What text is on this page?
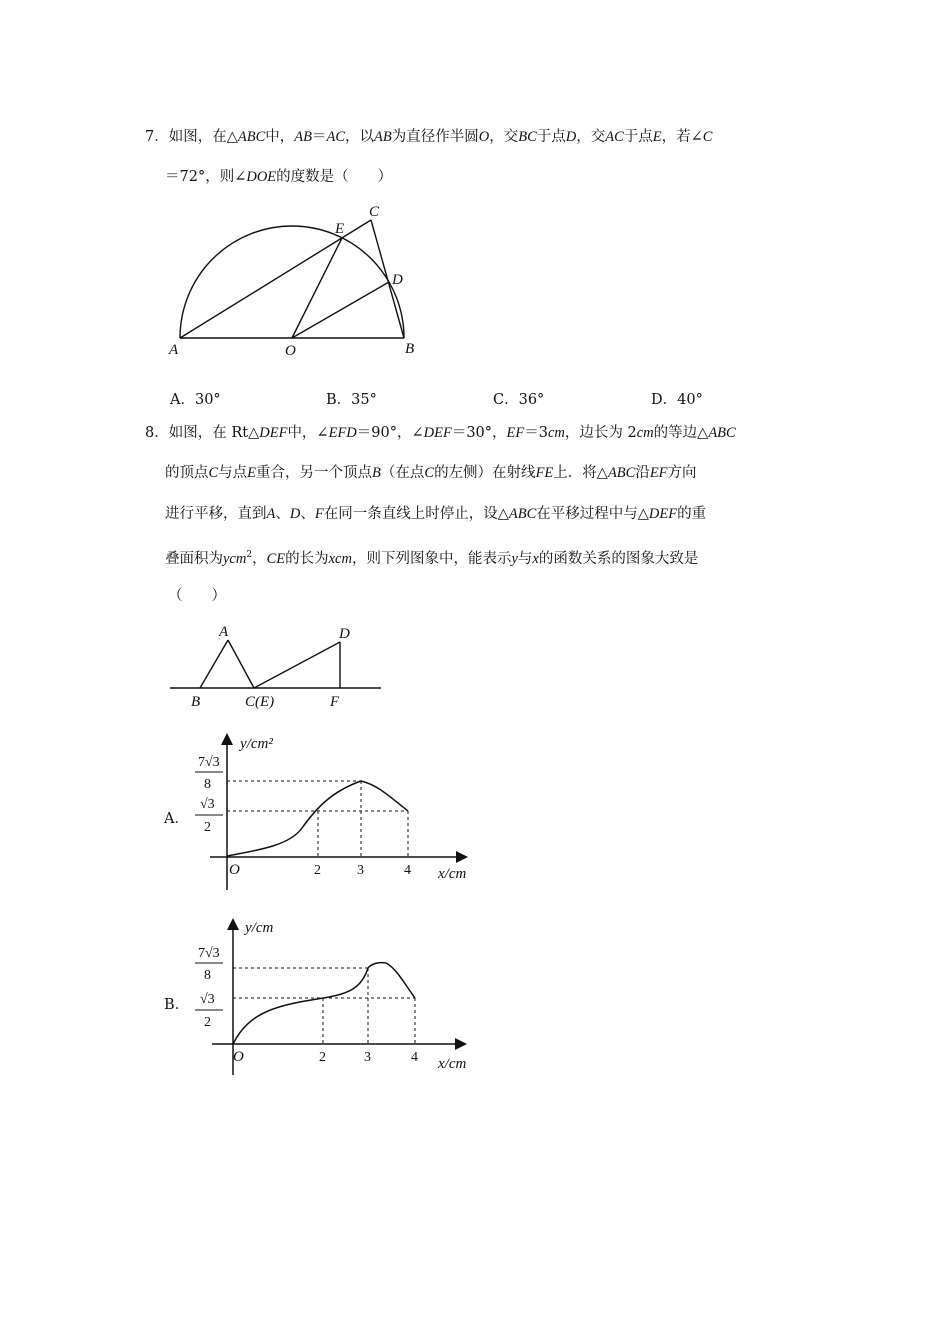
7．如图，在△ABC中，AB＝AC，以AB为直径作半圆O，交BC于点D，交AC于点E，若∠C
＝72°，则∠DOE的度数是（　　）
A	O	B
C
D
E
A．30°	B．35°	C．36°	D．40°
8．如图，在 Rt△DEF中，∠EFD＝90°，∠DEF＝30°，EF＝3cm，边长为 2cm的等边△ABC
的顶点C与点E重合，另一个顶点B（在点C的左侧）在射线FE上．将△ABC沿EF方向
进行平移，直到A、D、F在同一条直线上时停止，设△ABC在平移过程中与△DEF的重
叠面积为ycm$^2$，CE的长为xcm，则下列图象中，能表示y与x的函数关系的图象大致是
（　　）
A	D
B	C(E)	F
A．
2	3	4
O	x/cm
y/cm²
7√3
8
√3
2
B．
2	3	4
O	x/cm
y/cm
7√3
8
√3
2
